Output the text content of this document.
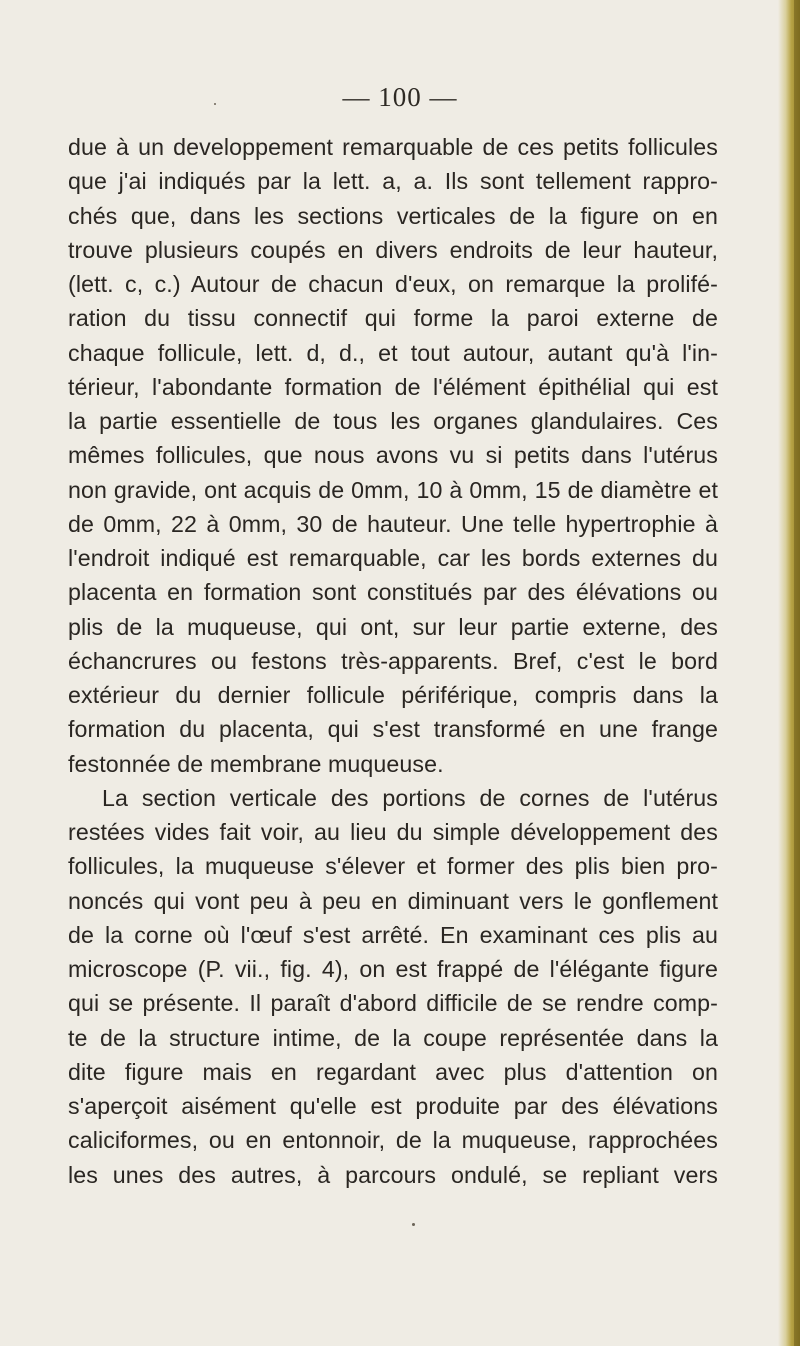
— 100 —
due à un developpement remarquable de ces petits follicules
que j'ai indiqués par la lett. a, a. Ils sont tellement rappro-
chés que, dans les sections verticales de la figure on en
trouve plusieurs coupés en divers endroits de leur hauteur,
(lett. c, c.) Autour de chacun d'eux, on remarque la prolifé-
ration du tissu connectif qui forme la paroi externe de
chaque follicule, lett. d, d., et tout autour, autant qu'à l'in-
térieur, l'abondante formation de l'élément épithélial qui est
la partie essentielle de tous les organes glandulaires. Ces
mêmes follicules, que nous avons vu si petits dans l'utérus
non gravide, ont acquis de 0mm, 10 à 0mm, 15 de diamètre et
de 0mm, 22 à 0mm, 30 de hauteur. Une telle hypertrophie à
l'endroit indiqué est remarquable, car les bords externes du
placenta en formation sont constitués par des élévations ou
plis de la muqueuse, qui ont, sur leur partie externe, des
échancrures ou festons très-apparents. Bref, c'est le bord
extérieur du dernier follicule périférique, compris dans la
formation du placenta, qui s'est transformé en une frange
festonnée de membrane muqueuse.
La section verticale des portions de cornes de l'utérus
restées vides fait voir, au lieu du simple développement des
follicules, la muqueuse s'élever et former des plis bien pro-
noncés qui vont peu à peu en diminuant vers le gonflement
de la corne où l'œuf s'est arrêté. En examinant ces plis au
microscope (P. vii., fig. 4), on est frappé de l'élégante figure
qui se présente. Il paraît d'abord difficile de se rendre comp-
te de la structure intime, de la coupe représentée dans la
dite figure mais en regardant avec plus d'attention on
s'aperçoit aisément qu'elle est produite par des élévations
caliciformes, ou en entonnoir, de la muqueuse, rapprochées
les unes des autres, à parcours ondulé, se repliant vers
